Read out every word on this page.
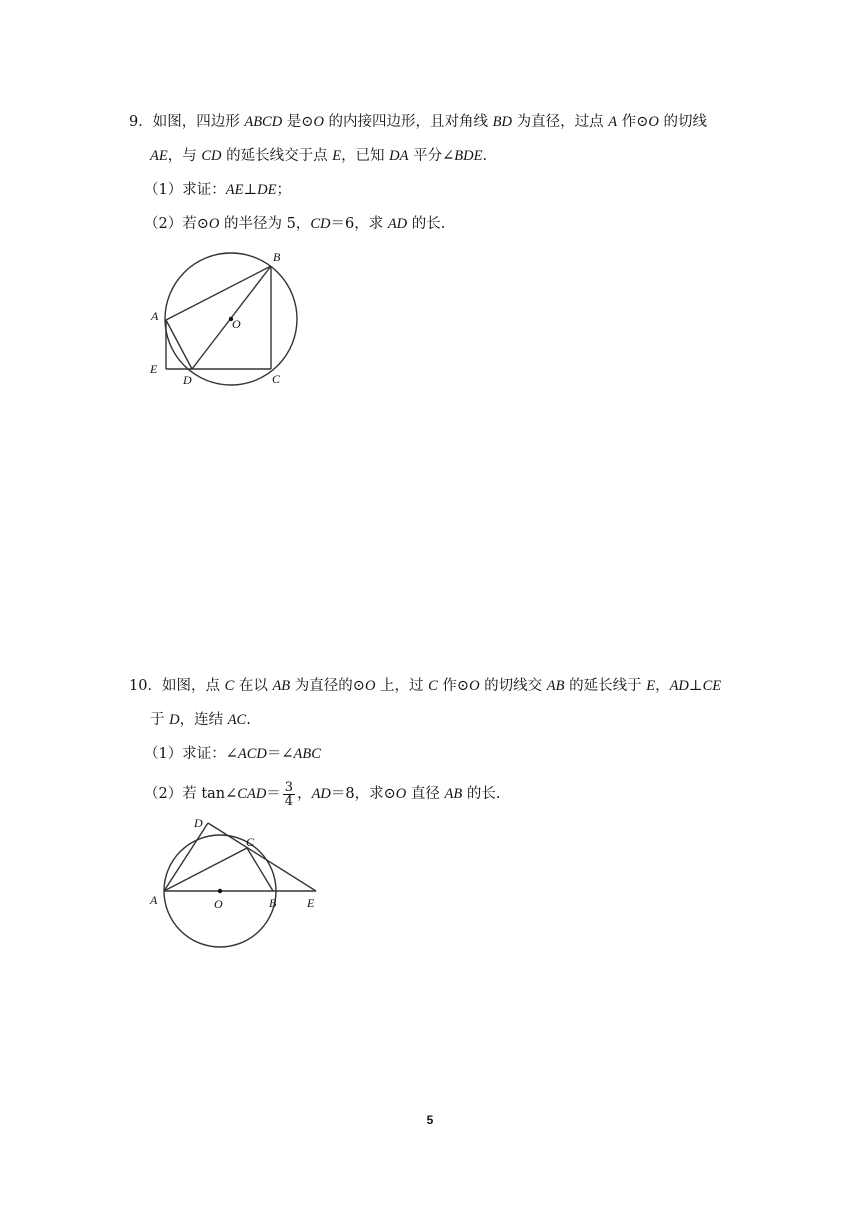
9．如图，四边形 ABCD 是⊙O 的内接四边形，且对角线 BD 为直径，过点 A 作⊙O 的切线
AE，与 CD 的延长线交于点 E，已知 DA 平分∠BDE.
（1）求证：AE⊥DE；
（2）若⊙O 的半径为 5，CD＝6，求 AD 的长.
A
B
C
D
E
O
10．如图，点 C 在以 AB 为直径的⊙O 上，过 C 作⊙O 的切线交 AB 的延长线于 E，AD⊥CE
于 D，连结 AC.
（1）求证：∠ACD＝∠ABC
（2）若 tan∠CAD＝ $\frac{3}{4}$ ，AD＝8，求⊙O 直径 AB 的长.
A	O	B	E
D
C
5
